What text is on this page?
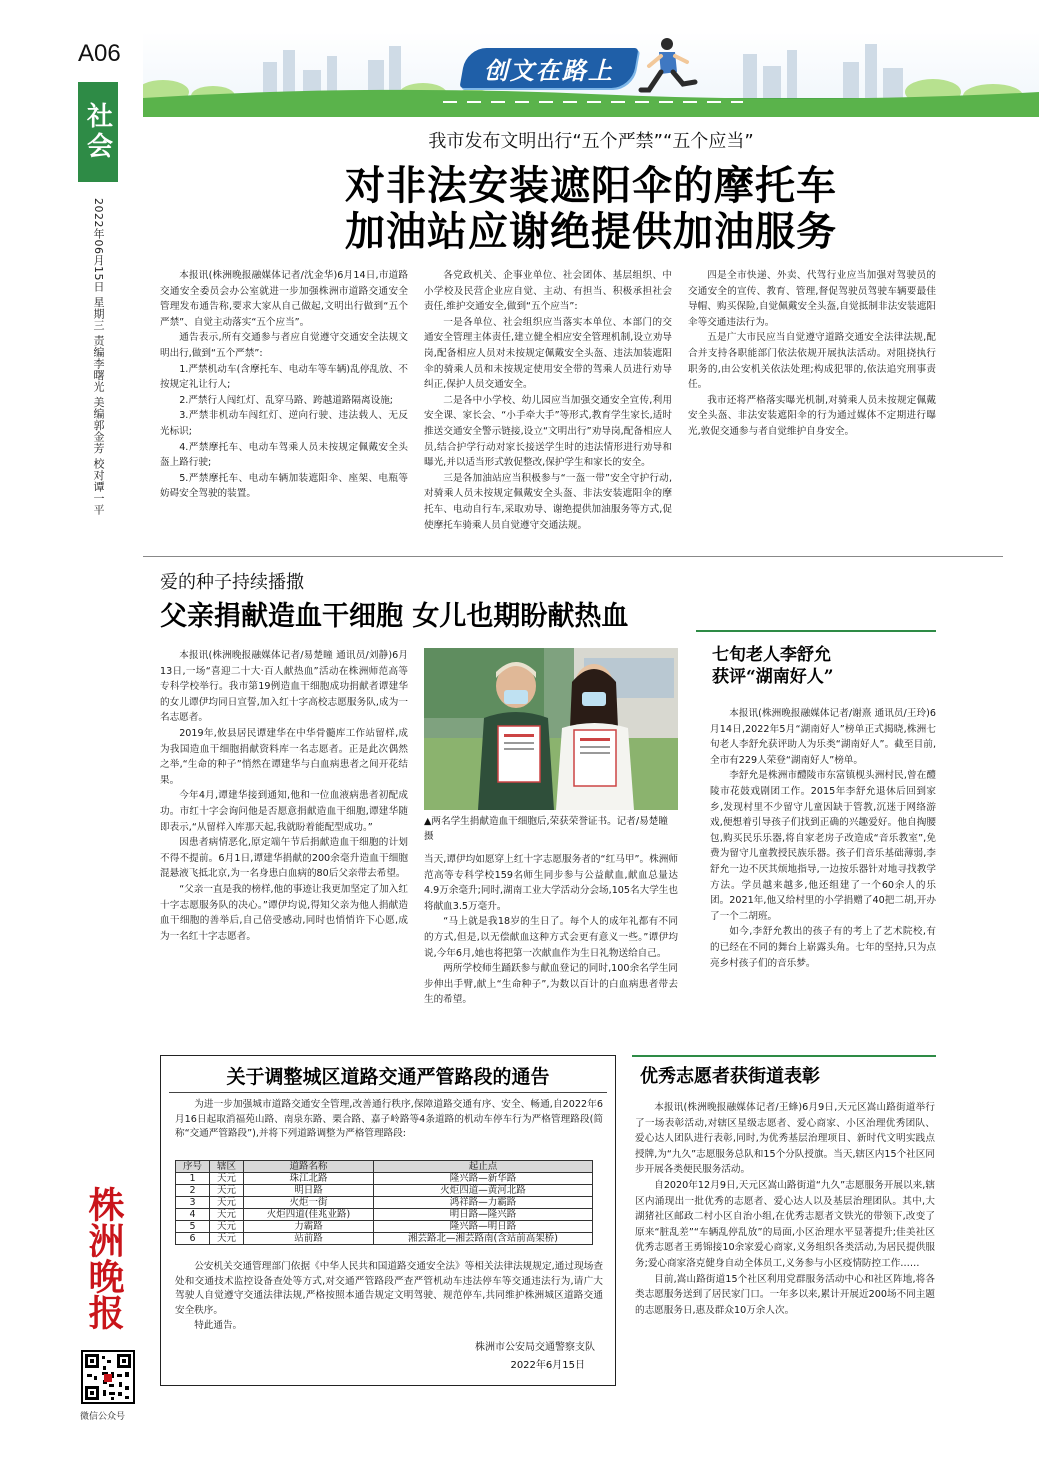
A06
社会
2022年06月15日 星期三 责编李曙光 美编郭金芳 校对谭一平
株洲晚报
微信公众号
创文在路上
我市发布文明出行“五个严禁”“五个应当”
对非法安装遮阳伞的摩托车
加油站应谢绝提供加油服务

本报讯(株洲晚报融媒体记者/沈金华)6月14日,市道路交通安全委员会办公室就进一步加强株洲市道路交通安全管理发布通告称,要求大家从自己做起,文明出行做到“五个严禁”、自觉主动落实“五个应当”。

通告表示,所有交通参与者应自觉遵守交通安全法规文明出行,做到“五个严禁”:

1.严禁机动车(含摩托车、电动车等车辆)乱停乱放、不按规定礼让行人;

2.严禁行人闯红灯、乱穿马路、跨越道路隔离设施;

3.严禁非机动车闯红灯、逆向行驶、违法载人、无反光标识;

4.严禁摩托车、电动车驾乘人员未按规定佩戴安全头盔上路行驶;

5.严禁摩托车、电动车辆加装遮阳伞、座架、电瓶等妨碍安全驾驶的装置。

各党政机关、企事业单位、社会团体、基层组织、中小学校及民营企业应自觉、主动、有担当、积极承担社会责任,维护交通安全,做到“五个应当”:

一是各单位、社会组织应当落实本单位、本部门的交通安全管理主体责任,建立健全相应安全管理机制,设立劝导岗,配备相应人员对未按规定佩戴安全头盔、违法加装遮阳伞的骑乘人员和未按规定使用安全带的驾乘人员进行劝导纠正,保护人员交通安全。

二是各中小学校、幼儿园应当加强交通安全宣传,利用安全课、家长会、“小手牵大手”等形式,教育学生家长,适时推送交通安全警示链接,设立“文明出行”劝导岗,配备相应人员,结合护学行动对家长接送学生时的违法情形进行劝导和曝光,并以适当形式敦促整改,保护学生和家长的安全。

三是各加油站应当积极参与“一盔一带”安全守护行动,对骑乘人员未按规定佩戴安全头盔、非法安装遮阳伞的摩托车、电动自行车,采取劝导、谢绝提供加油服务等方式,促使摩托车骑乘人员自觉遵守交通法规。

四是全市快递、外卖、代驾行业应当加强对驾驶员的交通安全的宣传、教育、管理,督促驾驶员驾驶车辆要最佳导帽、购买保险,自觉佩戴安全头盔,自觉抵制非法安装遮阳伞等交通违法行为。

五是广大市民应当自觉遵守道路交通安全法律法规,配合并支持各职能部门依法依规开展执法活动。对阻挠执行职务的,由公安机关依法处理;构成犯罪的,依法追究刑事责任。

我市还将严格落实曝光机制,对骑乘人员未按规定佩戴安全头盔、非法安装遮阳伞的行为通过媒体不定期进行曝光,敦促交通参与者自觉维护自身安全。

爱的种子持续播撒
父亲捐献造血干细胞 女儿也期盼献热血

本报讯(株洲晚报融媒体记者/易楚瞳 通讯员/刘静)6月13日,一场“喜迎二十大·百人献热血”活动在株洲师范高等专科学校举行。我市第19例造血干细胞成功捐献者谭建华的女儿谭伊均同日宣誓,加入红十字高校志愿服务队,成为一名志愿者。

2019年,攸县居民谭建华在中华骨髓库工作站留样,成为我国造血干细胞捐献资料库一名志愿者。正是此次偶然之举,“生命的种子”悄然在谭建华与白血病患者之间开花结果。

今年4月,谭建华接到通知,他和一位血液病患者初配成功。市红十字会询问他是否愿意捐献造血干细胞,谭建华随即表示,“从留样入库那天起,我就盼着能配型成功。”

因患者病情恶化,原定端午节后捐献造血干细胞的计划不得不提前。6月1日,谭建华捐献的200余毫升造血干细胞混悬液飞抵北京,为一名身患白血病的80后父亲带去希望。

“父亲一直是我的榜样,他的事迹让我更加坚定了加入红十字志愿服务队的决心。”谭伊均说,得知父亲为他人捐献造血干细胞的善举后,自己倍受感动,同时也悄悄许下心愿,成为一名红十字志愿者。

▲两名学生捐献造血干细胞后,荣获荣誉证书。记者/易楚瞳 摄

当天,谭伊均如愿穿上红十字志愿服务者的“红马甲”。株洲师范高等专科学校159名师生同步参与公益献血,献血总量达4.9万余毫升;同时,湖南工业大学活动分会场,105名大学生也将献血3.5万毫升。

“马上就是我18岁的生日了。每个人的成年礼都有不同的方式,但是,以无偿献血这种方式会更有意义一些。”谭伊均说,今年6月,她也将把第一次献血作为生日礼物送给自己。

两所学校师生踊跃参与献血登记的同时,100余名学生同步伸出手臂,献上“生命种子”,为数以百计的白血病患者带去生的希望。

七旬老人李舒允
获评“湖南好人”

本报讯(株洲晚报融媒体记者/谢熹 通讯员/王玲)6月14日,2022年5月“湖南好人”榜单正式揭晓,株洲七旬老人李舒允获评助人为乐类“湖南好人”。截至目前,全市有229人荣登“湖南好人”榜单。

李舒允是株洲市醴陵市东富镇枧头洲村民,曾在醴陵市花鼓戏剧团工作。2015年李舒允退休后回到家乡,发现村里不少留守儿童因缺于管教,沉迷于网络游戏,便想着引导孩子们找到正确的兴趣爱好。他自掏腰包,购买民乐乐器,将自家老房子改造成“音乐教室”,免费为留守儿童教授民族乐器。孩子们音乐基础薄弱,李舒允一边不厌其烦地指导,一边按乐器针对地寻找教学方法。学员越来越多,他还组建了一个60余人的乐团。2021年,他又给村里的小学捐赠了40把二胡,开办了一个二胡班。

如今,李舒允教出的孩子有的考上了艺术院校,有的已经在不同的舞台上崭露头角。七年的坚持,只为点亮乡村孩子们的音乐梦。

关于调整城区道路交通严管路段的通告

为进一步加强城市道路交通安全管理,改善通行秩序,保障道路交通有序、安全、畅通,自2022年6月16日起取消福苑山路、南泉东路、栗合路、嘉子岭路等4条道路的机动车停车行为严格管理路段(简称“交通严管路段”),并将下列道路调整为严格管理路段:

序号	辖区	道路名称	起止点
1	天元	珠江北路	隆兴路—新华路
2	天元	明日路	火炬四道—黄河北路
3	天元	火炬一街	鸿祥路—力霸路
4	天元	火炬四道(佳兆业路)	明日路—隆兴路
5	天元	力霸路	隆兴路—明日路
6	天元	站前路	湘芸路北—湘芸路南(含站前高架桥)

公安机关交通管理部门依据《中华人民共和国道路交通安全法》等相关法律法规规定,通过现场查处和交通技术监控设备查处等方式,对交通严管路段严查严管机动车违法停车等交通违法行为,请广大驾驶人自觉遵守交通法律法规,严格按照本通告规定文明驾驶、规范停车,共同维护株洲城区道路交通安全秩序。

特此通告。

株洲市公安局交通警察支队
2022年6月15日
优秀志愿者获街道表彰

本报讯(株洲晚报融媒体记者/王蜂)6月9日,天元区嵩山路街道举行了一场表彰活动,对辖区星级志愿者、爱心商家、小区治理优秀团队、爱心达人团队进行表彰,同时,为优秀基层治理项目、新时代文明实践点授牌,为“九久”志愿服务总队和15个分队授旗。当天,辖区内15个社区同步开展各类便民服务活动。

自2020年12月9日,天元区嵩山路街道“九久”志愿服务开展以来,辖区内涌现出一批优秀的志愿者、爱心达人以及基层治理团队。其中,大湖猪社区邮政二村小区自治小组,在优秀志愿者文铁光的带领下,改变了原来“脏乱差”“车辆乱停乱放”的局面,小区治理水平显著提升;佳美社区优秀志愿者王勇锦接10余家爱心商家,义务组织各类活动,为居民提供服务;爱心商家洛克健身自动全体员工,义务参与小区疫情防控工作……

目前,嵩山路街道15个社区利用党群服务活动中心和社区阵地,将各类志愿服务送到了居民家门口。一年多以来,累计开展近200场不同主题的志愿服务日,惠及群众10万余人次。
